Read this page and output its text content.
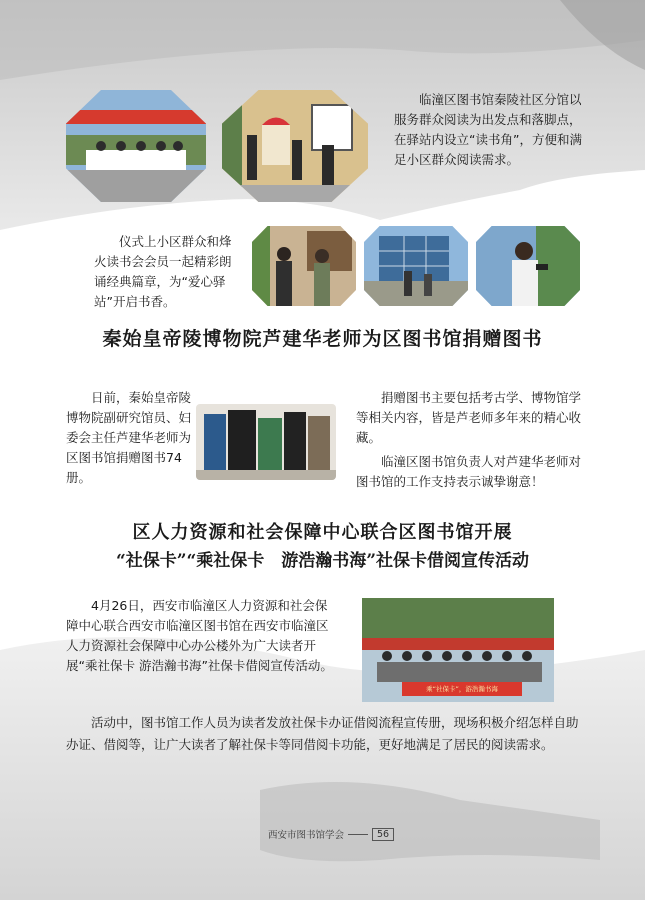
临潼区图书馆秦陵社区分馆以服务群众阅读为出发点和落脚点，在驿站内设立“读书角”，方便和满足小区群众阅读需求。

仪式上小区群众和烽火读书会会员一起精彩朗诵经典篇章，为“爱心驿站”开启书香。

秦始皇帝陵博物院芦建华老师为区图书馆捐赠图书

日前，秦始皇帝陵博物院副研究馆员、妇委会主任芦建华老师为区图书馆捐赠图书74册。

捐赠图书主要包括考古学、博物馆学等相关内容，皆是芦老师多年来的精心收藏。

临潼区图书馆负责人对芦建华老师对图书馆的工作支持表示诚挚谢意！

区人力资源和社会保障中心联合区图书馆开展
“社保卡”“乘社保卡　游浩瀚书海”社保卡借阅宣传活动

4月26日，西安市临潼区人力资源和社会保障中心联合西安市临潼区图书馆在西安市临潼区人力资源社会保障中心办公楼外为广大读者开展“乘社保卡 游浩瀚书海”社保卡借阅宣传活动。

乘“社保卡”，游浩瀚书海

活动中，图书馆工作人员为读者发放社保卡办证借阅流程宣传册，现场积极介绍怎样自助办证、借阅等，让广大读者了解社保卡等同借阅卡功能，更好地满足了居民的阅读需求。

西安市图书馆学会	56
